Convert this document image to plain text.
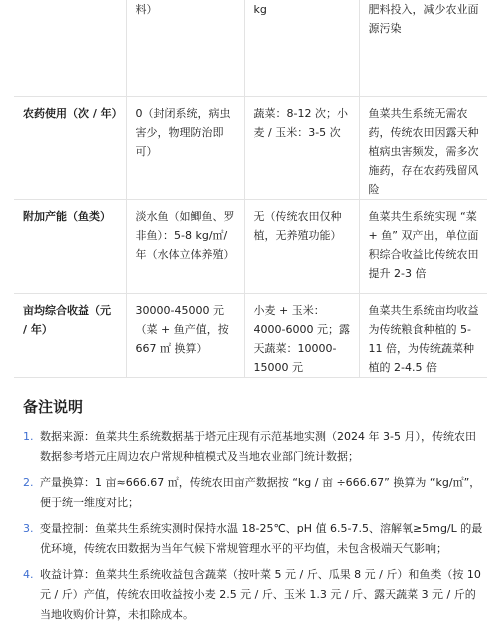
	料）	kg	肥料投入，减少农业面源污染
农药使用（次 / 年）	0（封闭系统，病虫害少，物理防治即可）	蔬菜：8-12 次；小麦 / 玉米：3-5 次	鱼菜共生系统无需农药，传统农田因露天种植病虫害频发，需多次施药，存在农药残留风险
附加产能（鱼类）	淡水鱼（如鲫鱼、罗非鱼）：5-8 kg/㎡/年（水体立体养殖）	无（传统农田仅种植，无养殖功能）	鱼菜共生系统实现 “菜 + 鱼” 双产出，单位面积综合收益比传统农田提升 2-3 倍
亩均综合收益（元 / 年）	30000-45000 元（菜 + 鱼产值，按 667 ㎡ 换算）	小麦 + 玉米：4000-6000 元；露天蔬菜：10000-15000 元	鱼菜共生系统亩均收益为传统粮食种植的 5-11 倍，为传统蔬菜种植的 2-4.5 倍
备注说明
1. 数据来源：鱼菜共生系统数据基于塔元庄现有示范基地实测（2024 年 3-5 月），传统农田数据参考塔元庄周边农户常规种植模式及当地农业部门统计数据；
2. 产量换算：1 亩≈666.67 ㎡，传统农田亩产数据按 “kg / 亩 ÷666.67” 换算为 “kg/㎡”，便于统一维度对比；
3. 变量控制：鱼菜共生系统实测时保持水温 18-25℃、pH 值 6.5-7.5、溶解氧≥5mg/L 的最优环境，传统农田数据为当年气候下常规管理水平的平均值，未包含极端天气影响；
4. 收益计算：鱼菜共生系统收益包含蔬菜（按叶菜 5 元 / 斤、瓜果 8 元 / 斤）和鱼类（按 10 元 / 斤）产值，传统农田收益按小麦 2.5 元 / 斤、玉米 1.3 元 / 斤、露天蔬菜 3 元 / 斤的当地收购价计算，未扣除成本。
